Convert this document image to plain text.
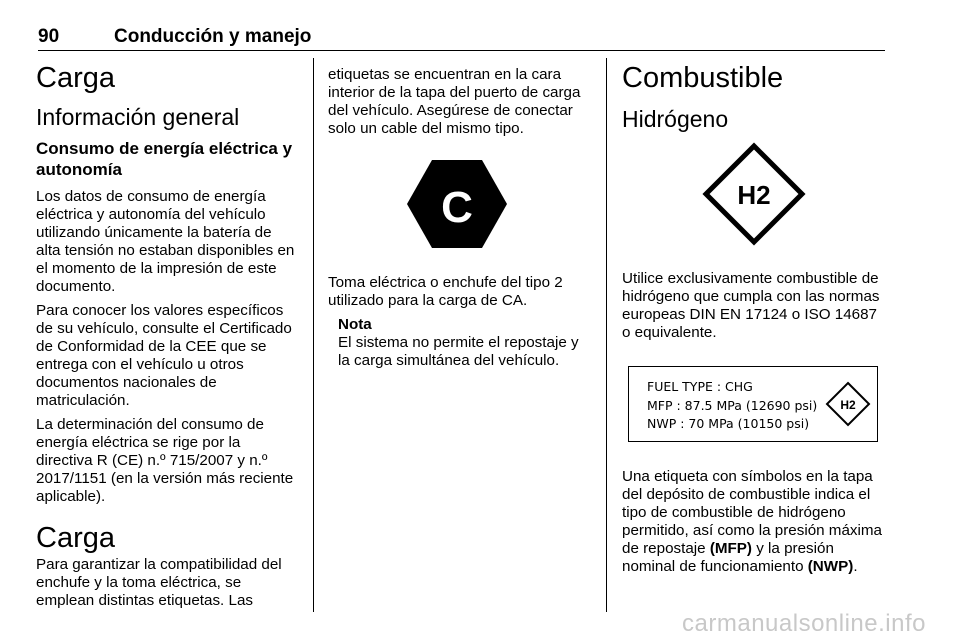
90	Conducción y manejo
Carga
Información general
Consumo de energía eléctrica y autonomía

Los datos de consumo de energía eléctrica y autonomía del vehículo utilizando únicamente la batería de alta tensión no estaban disponibles en el momento de la impresión de este documento.

Para conocer los valores específicos de su vehículo, consulte el Certificado de Conformidad de la CEE que se entrega con el vehículo u otros documentos nacionales de matriculación.

La determinación del consumo de energía eléctrica se rige por la directiva R (CE) n.º 715/2007 y n.º 2017/1151 (en la versión más reciente aplicable).

Carga

Para garantizar la compatibilidad del enchufe y la toma eléctrica, se emplean distintas etiquetas. Las

etiquetas se encuentran en la cara interior de la tapa del puerto de carga del vehículo. Asegúrese de conectar solo un cable del mismo tipo.

C

Toma eléctrica o enchufe del tipo 2 utilizado para la carga de CA.

Nota

El sistema no permite el repostaje y la carga simultánea del vehículo.

Combustible
Hidrógeno
H2

Utilice exclusivamente combustible de hidrógeno que cumpla con las normas europeas DIN EN 17124 o ISO 14687 o equivalente.

FUEL TYPE : CHG
MFP : 87.5 MPa (12690 psi)
NWP : 70 MPa (10150 psi)
H2

Una etiqueta con símbolos en la tapa del depósito de combustible indica el tipo de combustible de hidrógeno permitido, así como la presión máxima de repostaje (MFP) y la presión nominal de funcionamiento (NWP).

carmanualsonline.info
